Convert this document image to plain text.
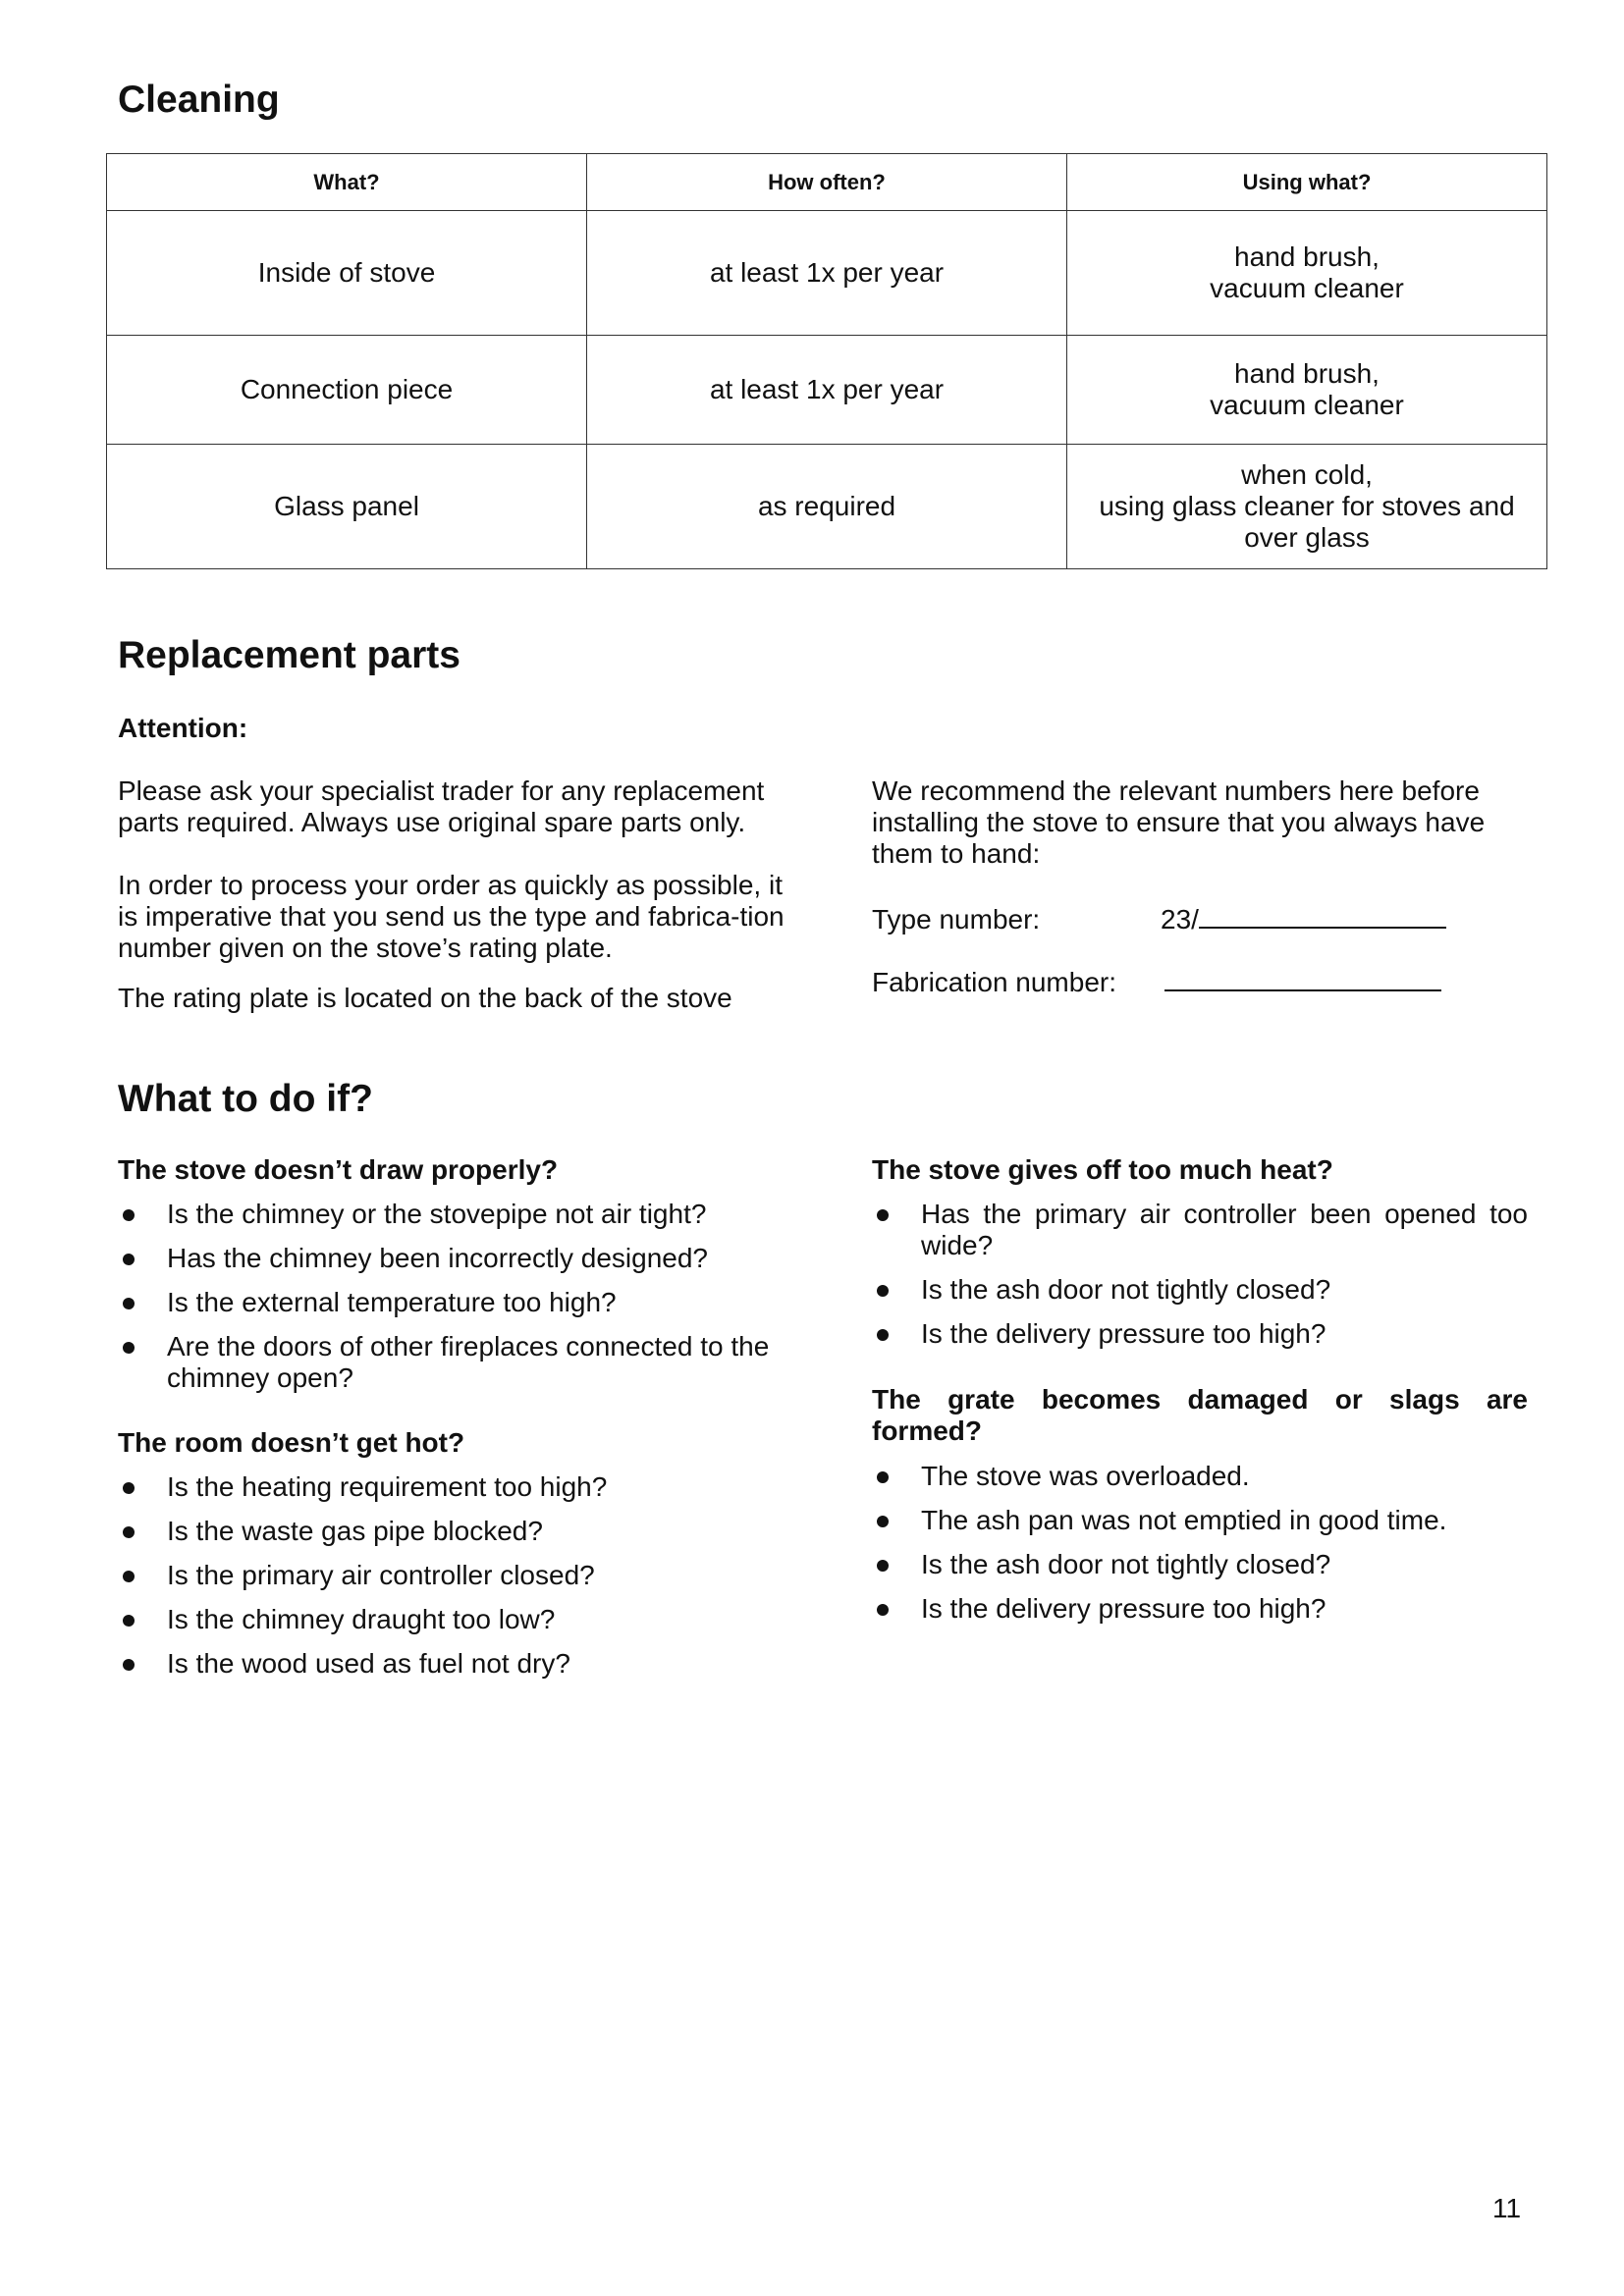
Cleaning
What?	How often?	Using what?
Inside of stove	at least 1x per year	hand brush,
vacuum cleaner
Connection piece	at least 1x per year	hand brush,
vacuum cleaner
Glass panel	as required	when cold,
using glass cleaner for stoves and
over glass
Replacement parts
Attention:

Please ask your specialist trader for any replacement parts required. Always use original spare parts only.

In order to process your order as quickly as possible, it is imperative that you send us the type and fabrica-tion number given on the stove’s rating plate.

The rating plate is located on the back of the stove

We recommend the relevant numbers here before installing the stove to ensure that you always have them to hand:

Type number:	23/
Fabrication number:
What to do if?

The stove doesn’t draw properly?

Is the chimney or the stovepipe not air tight?
Has the chimney been incorrectly designed?
Is the external temperature too high?
Are the doors of other fireplaces connected to the chimney open?

The room doesn’t get hot?

Is the heating requirement too high?
Is the waste gas pipe blocked?
Is the primary air controller closed?
Is the chimney draught too low?
Is the wood used as fuel not dry?

The stove gives off too much heat?

Has the primary air controller been opened too wide?
Is the ash door not tightly closed?
Is the delivery pressure too high?

The grate becomes damaged or slags are formed?

The stove was overloaded.
The ash pan was not emptied in good time.
Is the ash door not tightly closed?
Is the delivery pressure too high?
11
